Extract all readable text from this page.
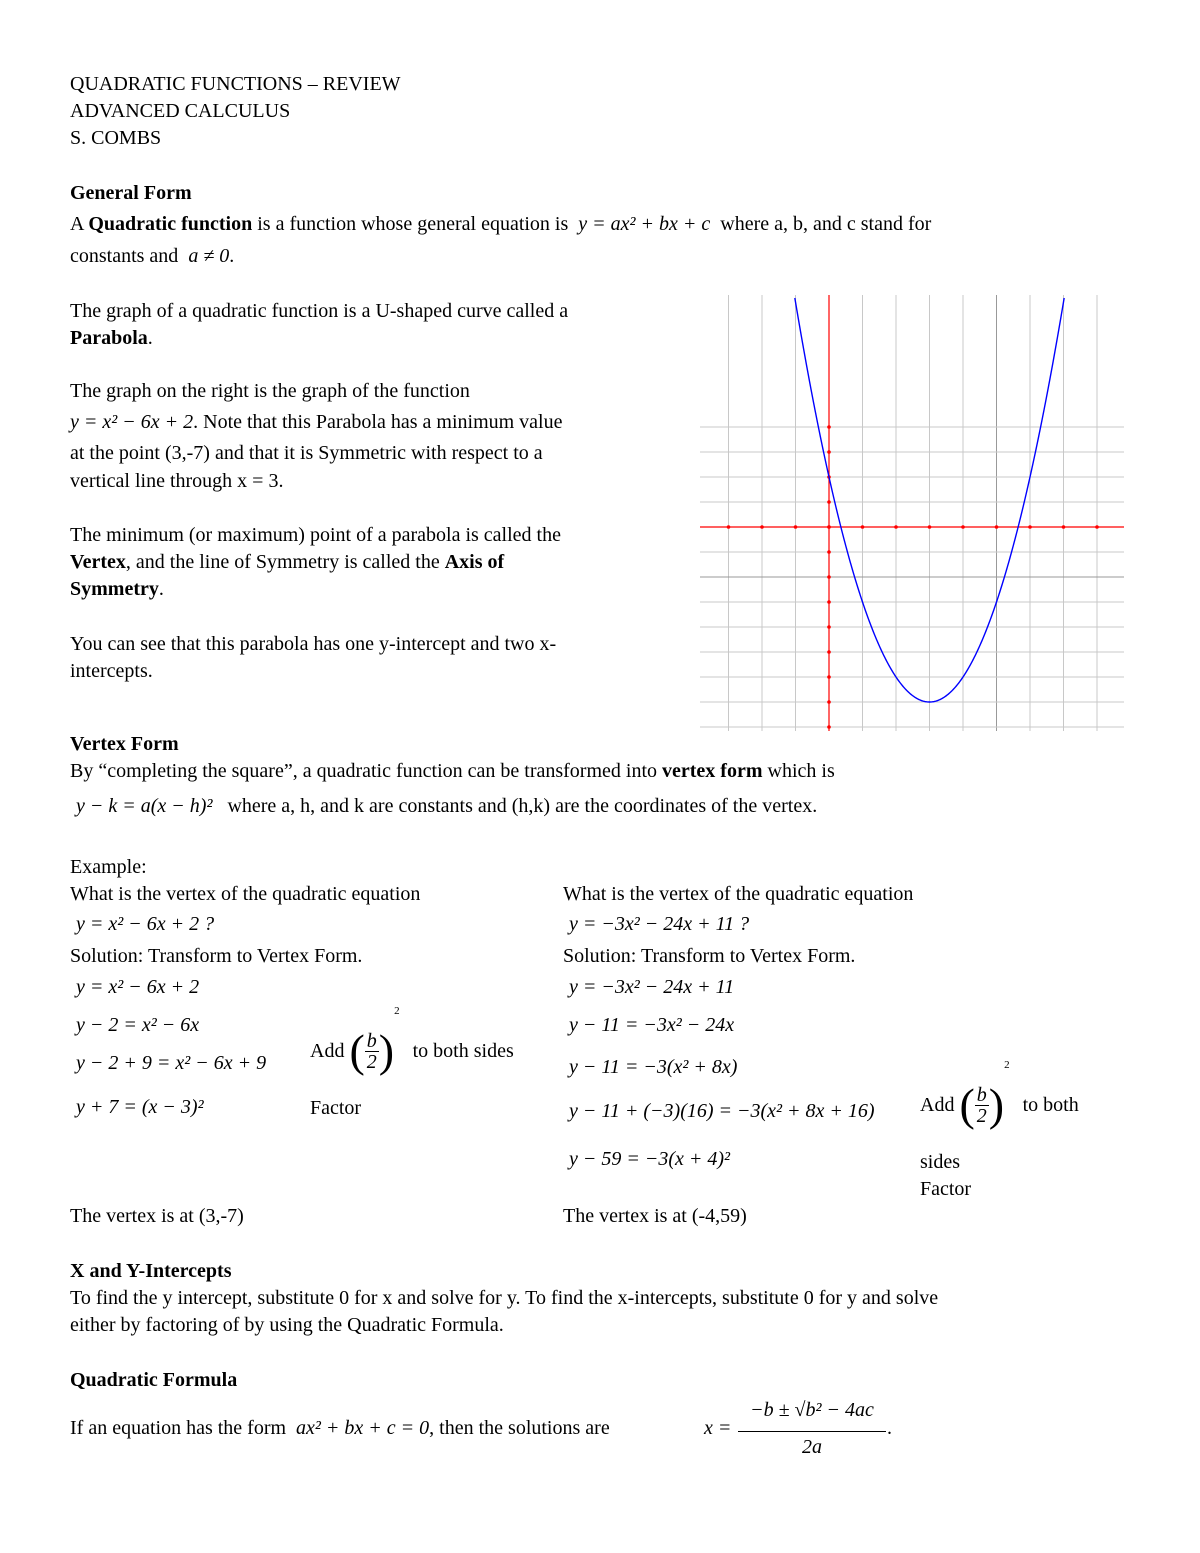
QUADRATIC FUNCTIONS – REVIEW
ADVANCED CALCULUS
S. COMBS
General Form
A Quadratic function is a function whose general equation is y = ax² + bx + c where a, b, and c stand for
constants and a ≠ 0.
The graph of a quadratic function is a U-shaped curve called a
Parabola.
The graph on the right is the graph of the function
y = x² − 6x + 2. Note that this Parabola has a minimum value
at the point (3,-7) and that it is Symmetric with respect to a
vertical line through x = 3.
The minimum (or maximum) point of a parabola is called the
Vertex, and the line of Symmetry is called the Axis of
Symmetry.
You can see that this parabola has one y-intercept and two x-
intercepts.
Vertex Form
By “completing the square”, a quadratic function can be transformed into vertex form which is
y − k = a(x − h)² where a, h, and k are constants and (h,k) are the coordinates of the vertex.
Example:
What is the vertex of the quadratic equation
y = x² − 6x + 2 ?
Solution: Transform to Vertex Form.
y = x² − 6x + 2
y − 2 = x² − 6x
y − 2 + 9 = x² − 6x + 9
y + 7 = (x − 3)²
Add ( $\frac{b}{2} )^2$ to both sides
Factor
The vertex is at (3,-7)
What is the vertex of the quadratic equation
y = −3x² − 24x + 11 ?
Solution: Transform to Vertex Form.
y = −3x² − 24x + 11
y − 11 = −3x² − 24x
y − 11 = −3(x² + 8x)
y − 11 + (−3)(16) = −3(x² + 8x + 16)
y − 59 = −3(x + 4)²
Add ( $\frac{b}{2} )^2$ to both
sides
Factor
The vertex is at (-4,59)
X and Y-Intercepts
To find the y intercept, substitute 0 for x and solve for y. To find the x-intercepts, substitute 0 for y and solve
either by factoring of by using the Quadratic Formula.
Quadratic Formula
If an equation has the form ax² + bx + c = 0, then the solutions are	x =
−b ± √b² − 4ac
2a
.
